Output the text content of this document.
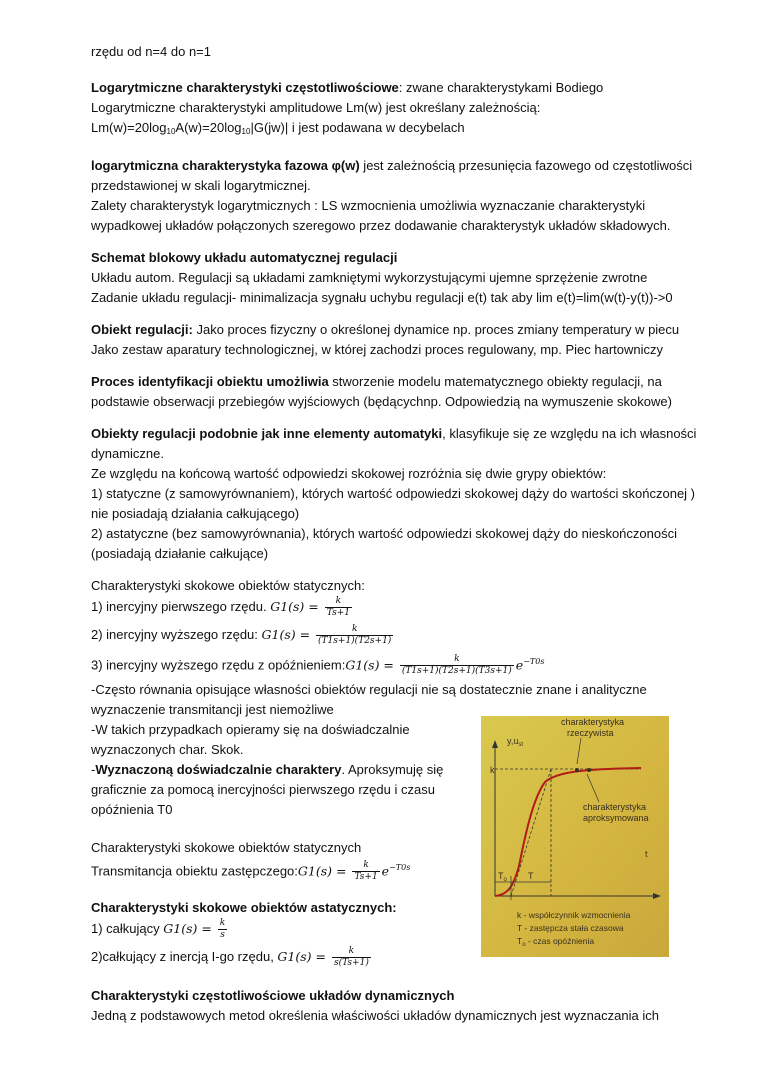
rzędu od n=4 do n=1
Logarytmiczne charakterystyki częstotliwościowe: zwane charakterystykami Bodiego
Logarytmiczne charakterystyki amplitudowe Lm(w) jest określany zależnością:
$Lm(w)=20\log_{10}A(w)=20\log_{10}|G(jw)|$ i jest podawana w decybelach
logarytmiczna charakterystyka fazowa φ(w) jest zależnością przesunięcia fazowego od częstotliwości
przedstawionej w skali logarytmicznej.
Zalety charakterystyk logarytmicznych : LS wzmocnienia umożliwia wyznaczanie charakterystyki
wypadkowej układów połączonych szeregowo przez dodawanie charakterystyk układów składowych.
Schemat blokowy układu automatycznej regulacji
Układu autom. Regulacji są układami zamkniętymi wykorzystującymi ujemne sprzężenie zwrotne
Zadanie układu regulacji- minimalizacja sygnału uchybu regulacji e(t) tak aby lim e(t)=lim(w(t)-y(t))->0
Obiekt regulacji: Jako proces fizyczny o określonej dynamice np. proces zmiany temperatury w piecu
Jako zestaw aparatury technologicznej, w której zachodzi proces regulowany, mp. Piec hartowniczy
Proces identyfikacji obiektu umożliwia stworzenie modelu matematycznego obiekty regulacji, na
podstawie obserwacji przebiegów wyjściowych (będącychnp. Odpowiedzią na wymuszenie skokowe)
Obiekty regulacji podobnie jak inne elementy automatyki, klasyfikuje się ze względu na ich własności
dynamiczne.
Ze względu na końcową wartość odpowiedzi skokowej rozróżnia się dwie grypy obiektów:
1) statyczne (z samowyrównaniem), których wartość odpowiedzi skokowej dąży do wartości skończonej )
nie posiadają działania całkującego)
2) astatyczne (bez samowyrównania), których wartość odpowiedzi skokowej dąży do nieskończoności
(posiadają działanie całkujące)
Charakterystyki skokowe obiektów statycznych:
1) inercyjny pierwszego rzędu. $G1(s) = \frac{k}{Ts+1}$
2) inercyjny wyższego rzędu: $G1(s) = \frac{k}{(T1s+1)(T2s+1)}$
3) inercyjny wyższego rzędu z opóźnieniem:G1(s) = $\frac{k}{(T1s+1)(T2s+1)(T3s+1)} e^{-T0s}$
-Często równania opisujące własności obiektów regulacji nie są dostatecznie znane i analityczne
wyznaczenie transmitancji jest niemożliwe
-W takich przypadkach opieramy się na doświadczalnie
wyznaczonych char. Skok.
-Wyznaczoną doświadczalnie charaktery. Aproksymuję się
graficznie za pomocą inercyjności pierwszego rzędu i czasu
opóźnienia T0
Charakterystyki skokowe obiektów statycznych
Transmitancja obiektu zastępczego:G1(s) = $\frac{k}{Ts+1} e^{-T0s}$
Charakterystyki skokowe obiektów astatycznych:
1) całkujący $G1(s) = \frac{k}{s}$
2)całkujący z inercją I-go rzędu, $G1(s) = \frac{k}{s(Ts+1)}$
Charakterystyki częstotliwościowe układów dynamicznych
Jedną z podstawowych metod określenia właściwości układów dynamicznych jest wyznaczania ich
$y,u_{st}$
t
k
charakterystyka
rzeczywista
charakterystyka
aproksymowana
$T_o$ T
k - współczynnik wzmocnienia
T - zastępcza stała czasowa
$T_o$ - czas opóźnienia
